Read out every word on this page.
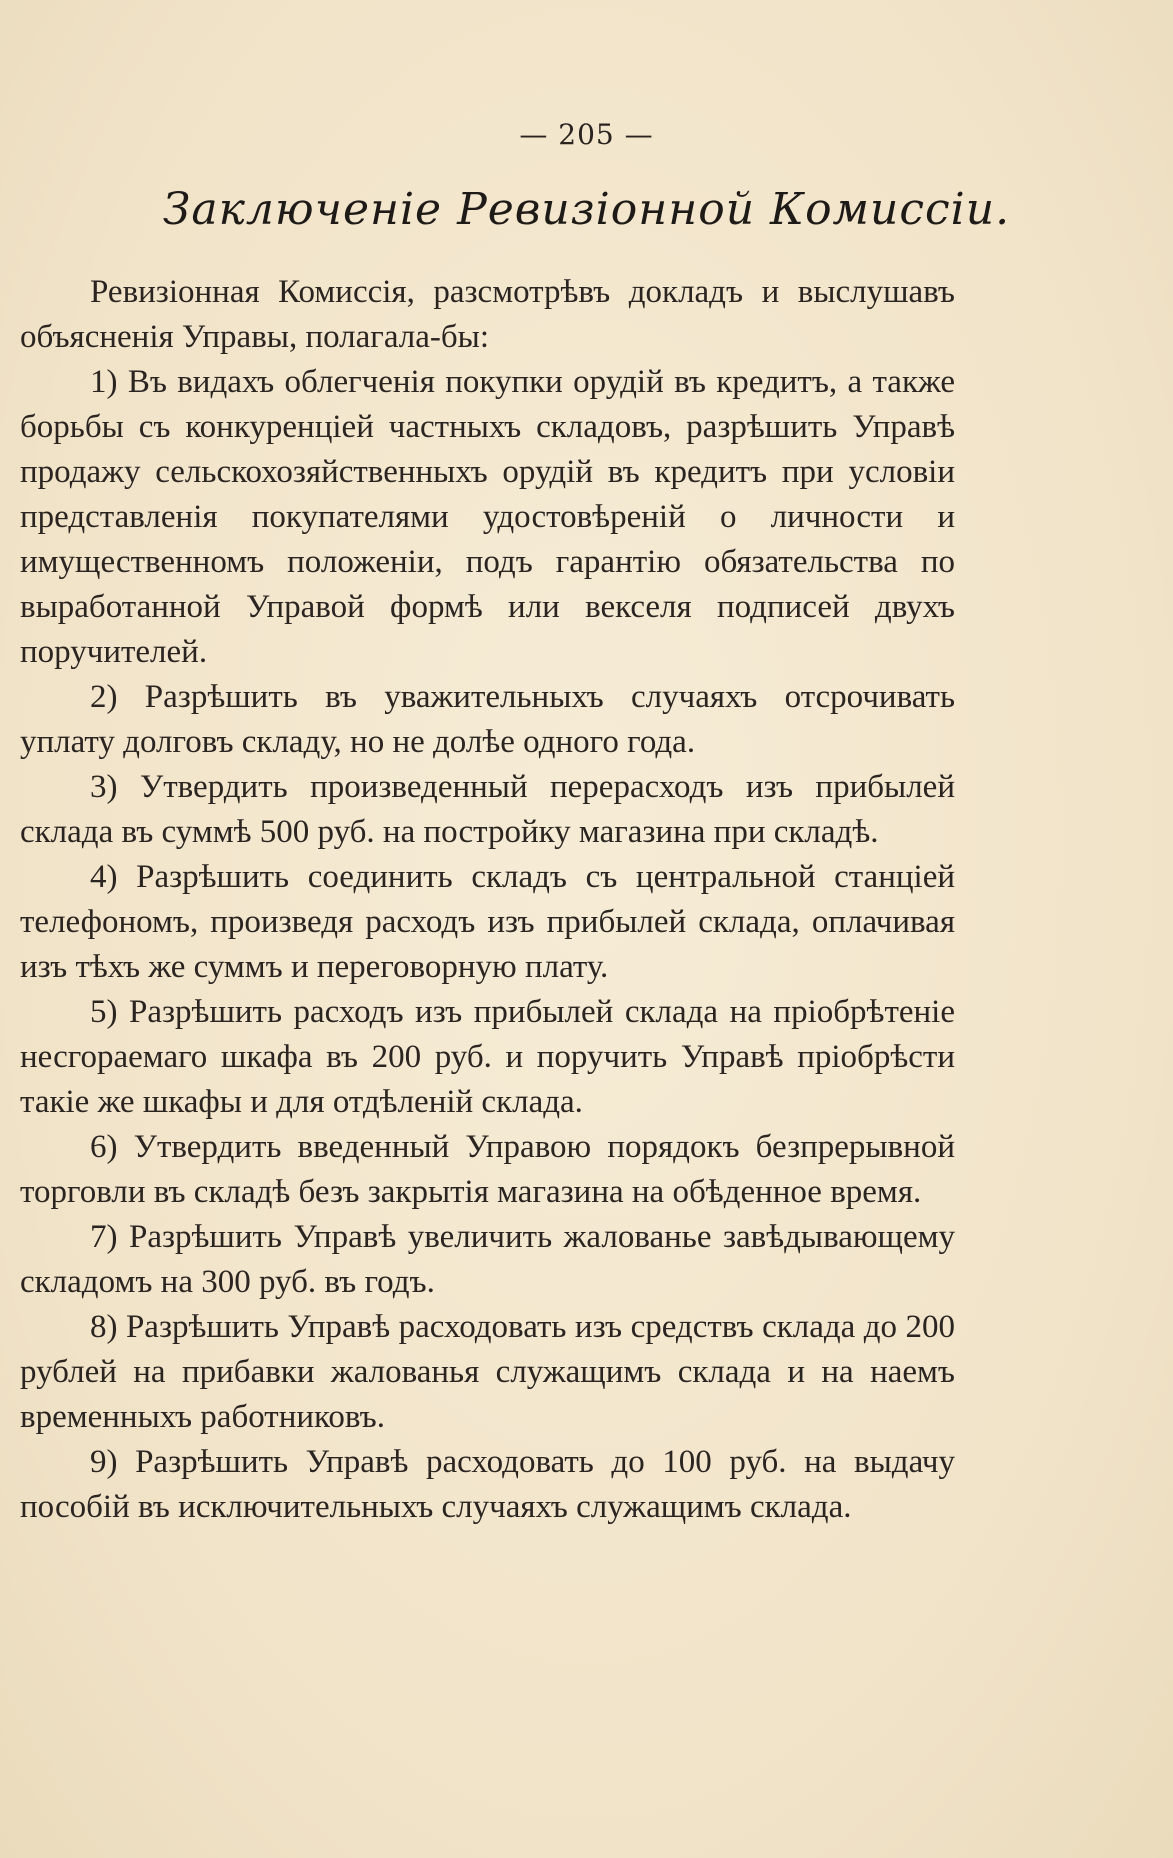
— 205 —
Заключеніе Ревизіонной Комиссіи.

Ревизіонная Комиссія, разсмотрѣвъ докладъ и выслушавъ объясненія Управы, полагала-бы:

1) Въ видахъ облегченія покупки орудій въ кредитъ, а также борьбы съ конкуренціей частныхъ складовъ, разрѣшить Управѣ продажу сельскохозяйственныхъ орудій въ кредитъ при условіи представленія покупателями удостовѣреній о личности и имущественномъ положеніи, подъ гарантію обязательства по выработанной Управой формѣ или векселя подписей двухъ поручителей.

2) Разрѣшить въ уважительныхъ случаяхъ отсрочивать уплату долговъ складу, но не долѣе одного года.

3) Утвердить произведенный перерасходъ изъ прибылей склада въ суммѣ 500 руб. на постройку магазина при складѣ.

4) Разрѣшить соединить складъ съ центральной станціей телефономъ, произведя расходъ изъ прибылей склада, оплачивая изъ тѣхъ же суммъ и переговорную плату.

5) Разрѣшить расходъ изъ прибылей склада на пріобрѣтеніе несгораемаго шкафа въ 200 руб. и поручить Управѣ пріобрѣсти такіе же шкафы и для отдѣленій склада.

6) Утвердить введенный Управою порядокъ безпрерывной торговли въ складѣ безъ закрытія магазина на обѣденное время.

7) Разрѣшить Управѣ увеличить жалованье завѣдывающему складомъ на 300 руб. въ годъ.

8) Разрѣшить Управѣ расходовать изъ средствъ склада до 200 рублей на прибавки жалованья служащимъ склада и на наемъ временныхъ работниковъ.

9) Разрѣшить Управѣ расходовать до 100 руб. на выдачу пособій въ исключительныхъ случаяхъ служащимъ склада.
